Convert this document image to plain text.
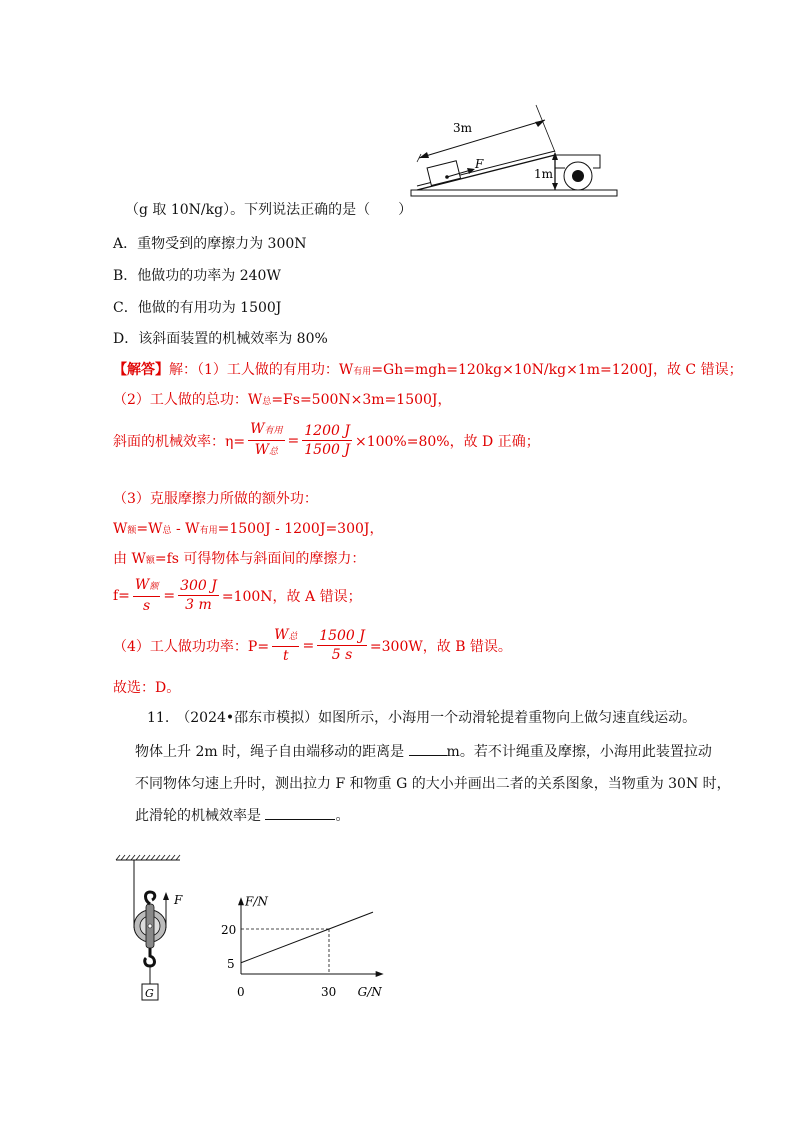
3m
F
1m
（g 取 10N/kg）。下列说法正确的是（　　）
A．重物受到的摩擦力为 300N
B．他做功的功率为 240W
C．他做的有用功为 1500J
D．该斜面装置的机械效率为 80%
【解答】解：（1）工人做的有用功：W有用=Gh=mgh=120kg×10N/kg×1m=1200J，故 C 错误；
（2）工人做的总功：W总=Fs=500N×3m=1500J，
斜面的机械效率：$\eta= \frac{\text{W有用}}{\text{W总}} = \frac{1200 J}{1500 J} \times 100\%=80\%$，故 D 正确；
（3）克服摩擦力所做的额外功：
W额=W总 - W有用=1500J - 1200J=300J，
由 W额=fs 可得物体与斜面间的摩擦力：
$f= \frac{\text{W额}}{s} = \frac{300 J}{3 m} =100N$，故 A 错误；
（4）工人做功功率：$P= \frac{\text{W总}}{t} = \frac{1500 J}{5 s} =300W$，故 B 错误。
故选：D。
11.　（2024•邵东市模拟）如图所示，小海用一个动滑轮提着重物向上做匀速直线运动。
物体上升 2m 时，绳子自由端移动的距离是	m。若不计绳重及摩擦，小海用此装置拉动
不同物体匀速上升时，测出拉力 F 和物重 G 的大小并画出二者的关系图象，当物重为 30N 时，
此滑轮的机械效率是	。
F
G
F/N
G/N
0	30
5
20
